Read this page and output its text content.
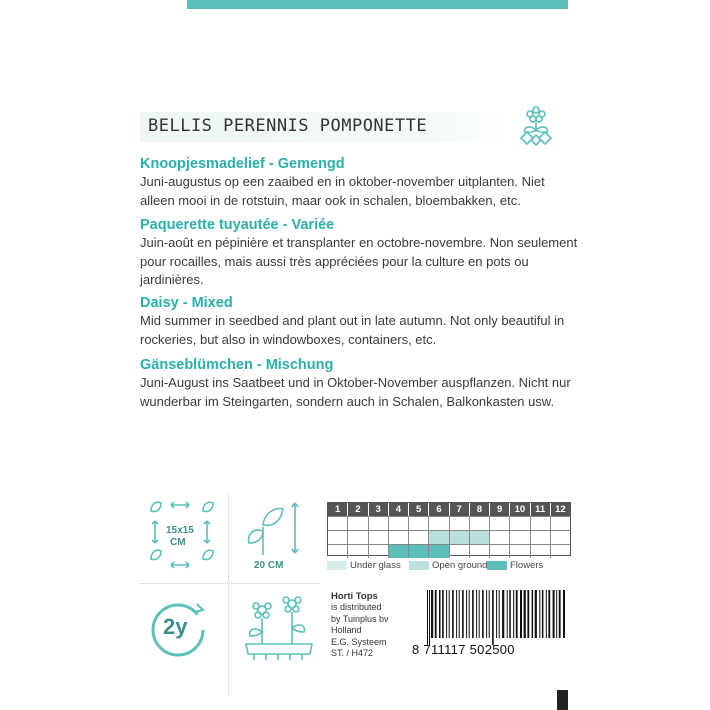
BELLIS PERENNIS POMPONETTE
Knoopjesmadelief - Gemengd
Juni-augustus op een zaaibed en in oktober-november uitplanten. Niet alleen mooi in de rotstuin, maar ook in schalen, bloembakken, etc.
Paquerette tuyautée - Variée
Juin-août en pépinière et transplanter en octobre-novembre. Non seulement pour rocailles, mais aussi très appréciées pour la culture en pots ou jardinières.
Daisy - Mixed
Mid summer in seedbed and plant out in late autumn. Not only beautiful in rockeries, but also in windowboxes, containers, etc.
Gänseblümchen - Mischung
Juni-August ins Saatbeet und in Oktober-November auspflanzen. Nicht nur wunderbar im Steingarten, sondern auch in Schalen, Balkonkasten usw.
15x15
CM
20 CM
2y
1	2	3	4	5	6	7	8	9	10	11	12
Under glass	Open ground Flowers
Horti Tops
is distributed
by Tuinplus bv
Holland
E.G. Systeem
ST. / H472	8 711117 502500
